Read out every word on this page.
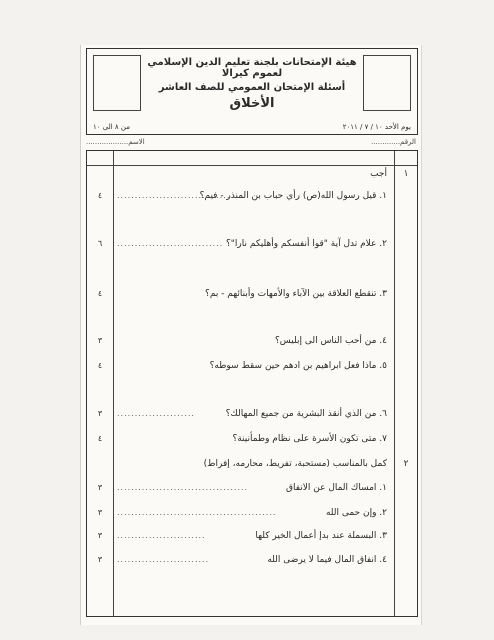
هيئة الإمتحانات بلجنة تعليم الدين الإسلامي لعموم كيرالا
أسئلة الإمتحان العمومي للصف العاشر
الأخلاق
يوم الأحد ١٠ / ٧ / ٢٠١١
من ٨ الى ١٠
الرقم.............
الاسم...................
١
أجب
١. قيل رسول الله(ص) رأي حباب بن المنذر - فيم؟
.................................
٤
٢. علام تدل آية "قوا أنفسكم وأهليكم نارا"؟
..............................
٦
٣. تنقطع العلاقة بين الآباء والأمهات وأبنائهم - بم؟
٤
٤. من أحب الناس الى إبليس؟
٣
٥. ماذا فعل ابراهيم بن ادهم حين سقط سوطه؟
٤
٦. من الذي أنقذ البشرية من جميع المهالك؟
......................
٣
٧. متى تكون الأسرة على نظام وطمأنينة؟
٤
٢
كمل بالمناسب (مستحبة، تفريط، محارمه، إفراط)
١. امساك المال عن الانفاق
.....................................
٣
٢. وإن حمى الله
.............................................
٣
٣. البسملة عند بدإ أعمال الخير كلها
.........................
٣
٤. انفاق المال فيما لا يرضى الله
..........................
٣
